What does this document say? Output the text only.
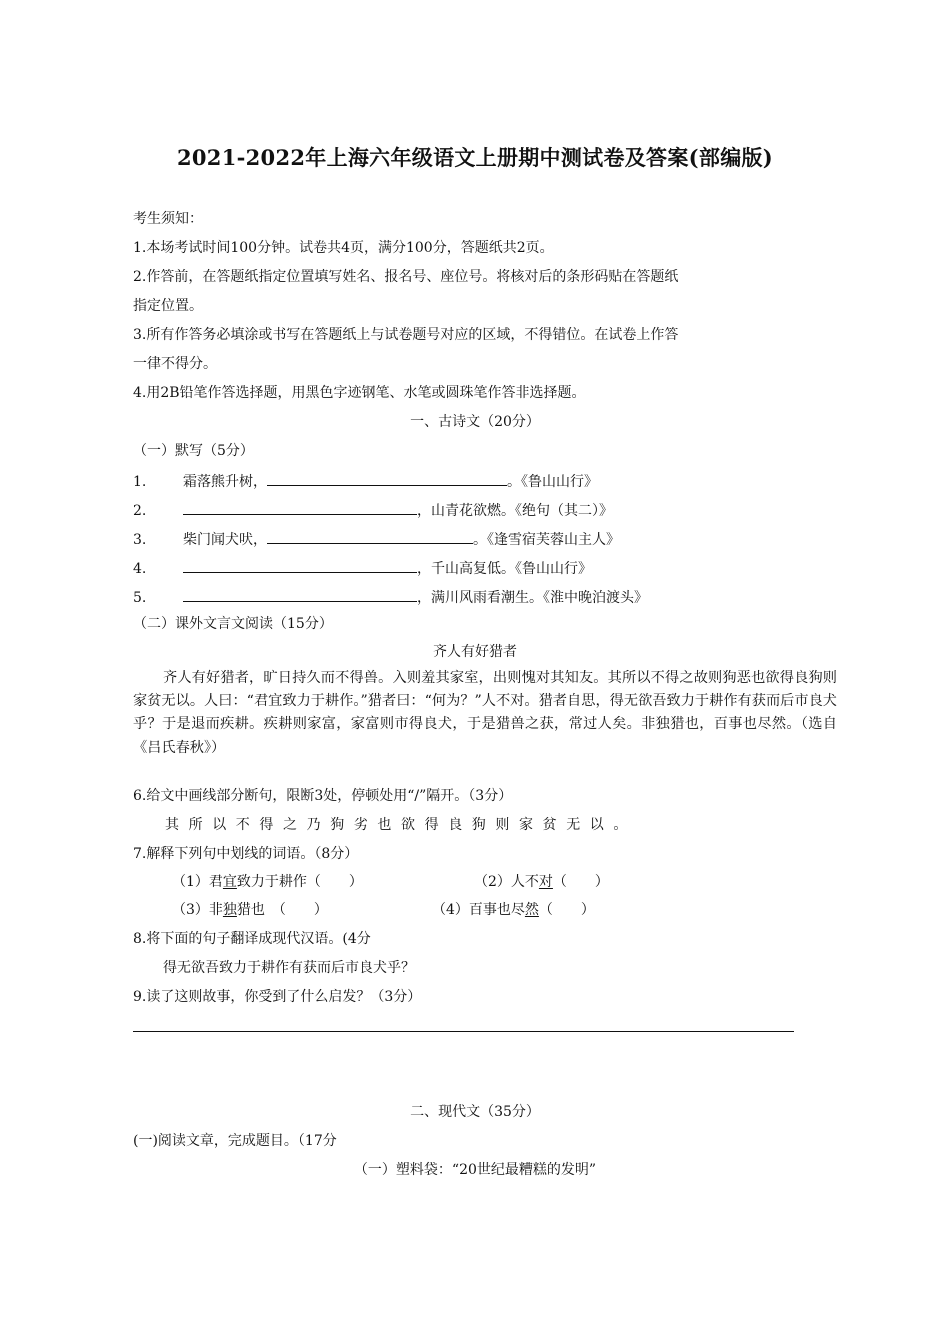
2021-2022年上海六年级语文上册期中测试卷及答案(部编版)
考生须知：
1.本场考试时间100分钟。试卷共4页，满分100分，答题纸共2页。
2.作答前，在答题纸指定位置填写姓名、报名号、座位号。将核对后的条形码贴在答题纸
指定位置。
3.所有作答务必填涂或书写在答题纸上与试卷题号对应的区域，不得错位。在试卷上作答
一律不得分。
4.用2B铅笔作答选择题，用黑色字迹钢笔、水笔或圆珠笔作答非选择题。
一、古诗文（20分）
（一）默写（5分）
1.	霜落熊升树，	。《鲁山山行》
2.	，山青花欲燃。《绝句（其二）》
3.	柴门闻犬吠，	。《逢雪宿芙蓉山主人》
4.	，千山高复低。《鲁山山行》
5.	，满川风雨看潮生。《淮中晚泊渡头》
（二）课外文言文阅读（15分）
齐人有好猎者
齐人有好猎者，旷日持久而不得兽。入则羞其家室，出则愧对其知友。其所以不得之故则狗恶也欲得良狗则家贫无以。人曰：“君宜致力于耕作。”猎者曰：“何为？”人不对。猎者自思，得无欲吾致力于耕作有获而后市良犬乎？于是退而疾耕。疾耕则家富，家富则市得良犬，于是猎兽之获，常过人矣。非独猎也，百事也尽然。（选自《吕氏春秋》）
6.给文中画线部分断句，限断3处，停顿处用“/”隔开。（3分）
其所以不得之乃狗劣也欲得良狗则家贫无以。
7.解释下列句中划线的词语。（8分）
（1）君宜致力于耕作（　　）	（2）人不对（　　）
（3）非独猎也　（　　）	（4）百事也尽然（　　）
8.将下面的句子翻译成现代汉语。(4分
得无欲吾致力于耕作有获而后市良犬乎？
9.读了这则故事，你受到了什么启发？（3分）
二、现代文（35分）
(一)阅读文章，完成题目。（17分
（一）塑料袋：“20世纪最糟糕的发明”
